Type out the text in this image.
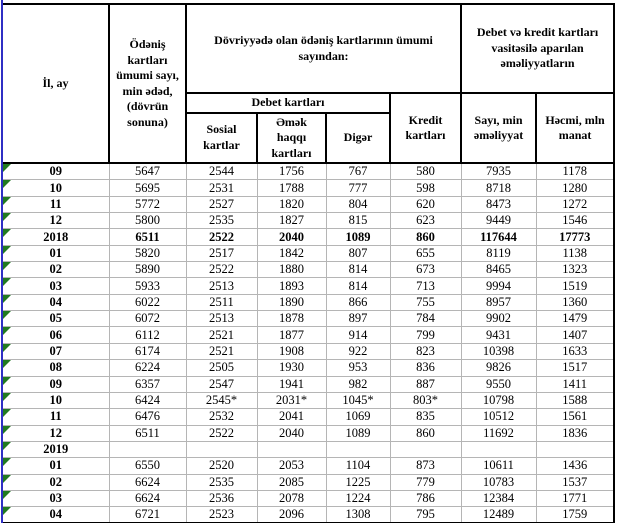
İl, ay	Ödəniş kartları ümumi sayı, min ədəd, (dövrün sonuna)	Dövriyyədə olan ödəniş kartlarının ümumi sayından:				Debet və kredit kartları vasitəsilə aparılan əməliyyatların	
		Debet kartları			Kredit kartları	Sayı, min əməliyyat	Həcmi, mln manat
		Sosial kartlar	Əmək haqqı kartları	Digər			

09	5647	2544	1756	767	580	7935	1178

10	5695	2531	1788	777	598	8718	1280

11	5772	2527	1820	804	620	8473	1272

12	5800	2535	1827	815	623	9449	1546

2018	6511	2522	2040	1089	860	117644	17773

01	5820	2517	1842	807	655	8119	1138

02	5890	2522	1880	814	673	8465	1323

03	5933	2513	1893	814	713	9994	1519

04	6022	2511	1890	866	755	8957	1360

05	6072	2513	1878	897	784	9902	1479

06	6112	2521	1877	914	799	9431	1407

07	6174	2521	1908	922	823	10398	1633

08	6224	2505	1930	953	836	9826	1517

09	6357	2547	1941	982	887	9550	1411

10	6424	2545*	2031*	1045*	803*	10798	1588

11	6476	2532	2041	1069	835	10512	1561

12	6511	2522	2040	1089	860	11692	1836

2019							

01	6550	2520	2053	1104	873	10611	1436

02	6624	2535	2085	1225	779	10783	1537

03	6624	2536	2078	1224	786	12384	1771

04	6721	2523	2096	1308	795	12489	1759
